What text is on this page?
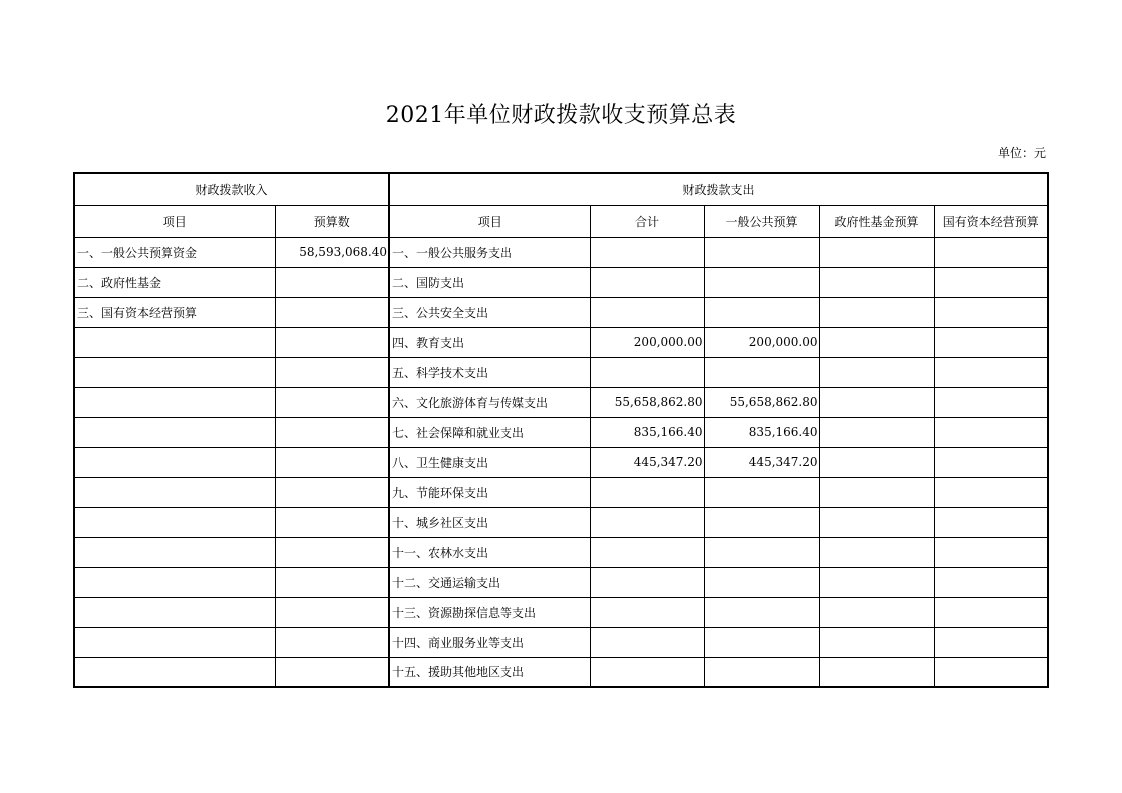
2021年单位财政拨款收支预算总表
单位：元
财政拨款收入		财政拨款支出				
项目	预算数	项目	合计	一般公共预算	政府性基金预算	国有资本经营预算
一、一般公共预算资金	58,593,068.40	一、一般公共服务支出				
二、政府性基金		二、国防支出				
三、国有资本经营预算		三、公共安全支出				
		四、教育支出	200,000.00	200,000.00		
		五、科学技术支出				
		六、文化旅游体育与传媒支出	55,658,862.80	55,658,862.80		
		七、社会保障和就业支出	835,166.40	835,166.40		
		八、卫生健康支出	445,347.20	445,347.20		
		九、节能环保支出				
		十、城乡社区支出				
		十一、农林水支出				
		十二、交通运输支出				
		十三、资源勘探信息等支出				
		十四、商业服务业等支出				
		十五、援助其他地区支出				
